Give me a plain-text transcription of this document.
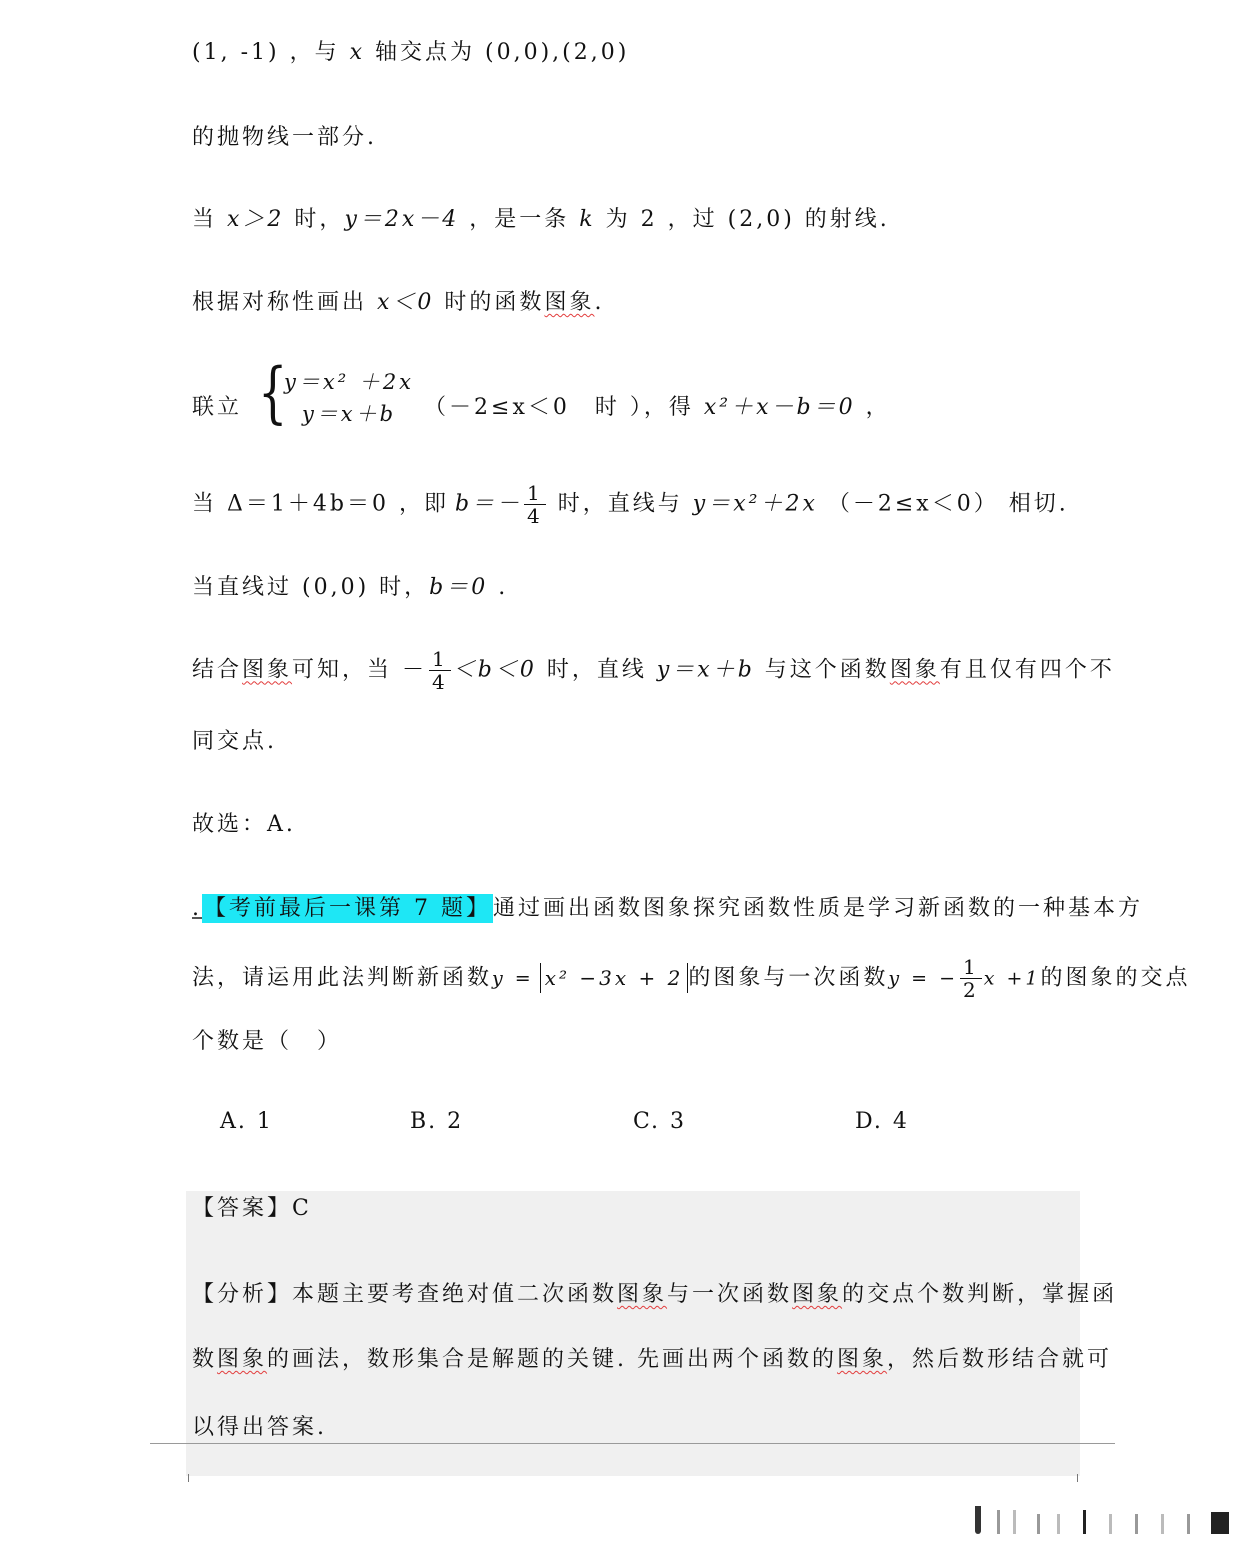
(1, -1) ，与 x 轴交点为 (0,0),(2,0)
的抛物线一部分.
当 x＞2 时，y＝2x－4 ，是一条 k 为 2 ，过 (2,0) 的射线.
根据对称性画出 x＜0 时的函数图象.
联立 {
y＝x² ＋2x
y＝x＋b	（－2≤x＜0　时 ），得 x²＋x－b＝0 ，
当 Δ＝1＋4b＝0 ，即 $b=- \frac{1}{4}$ 时，直线与 y＝x²＋2x （－2≤x＜0） 相切.
当直线过 (0,0) 时，b＝0 .
结合图象可知，当 － $\frac{1}{4} <b<0$ 时，直线 y＝x＋b 与这个函数图象有且仅有四个不
同交点.
故选：A.
.【考前最后一课第 7 题】通过画出函数图象探究函数性质是学习新函数的一种基本方
法，请运用此法判断新函数y = x² −3x + 2 的图象与一次函数y = − $\frac{1}{2}$ x +1的图象的交点
个数是（　）
A. 1	B. 2	C. 3	D. 4
【答案】C
【分析】本题主要考查绝对值二次函数图象与一次函数图象的交点个数判断，掌握函
数图象的画法，数形集合是解题的关键. 先画出两个函数的图象，然后数形结合就可
以得出答案.
